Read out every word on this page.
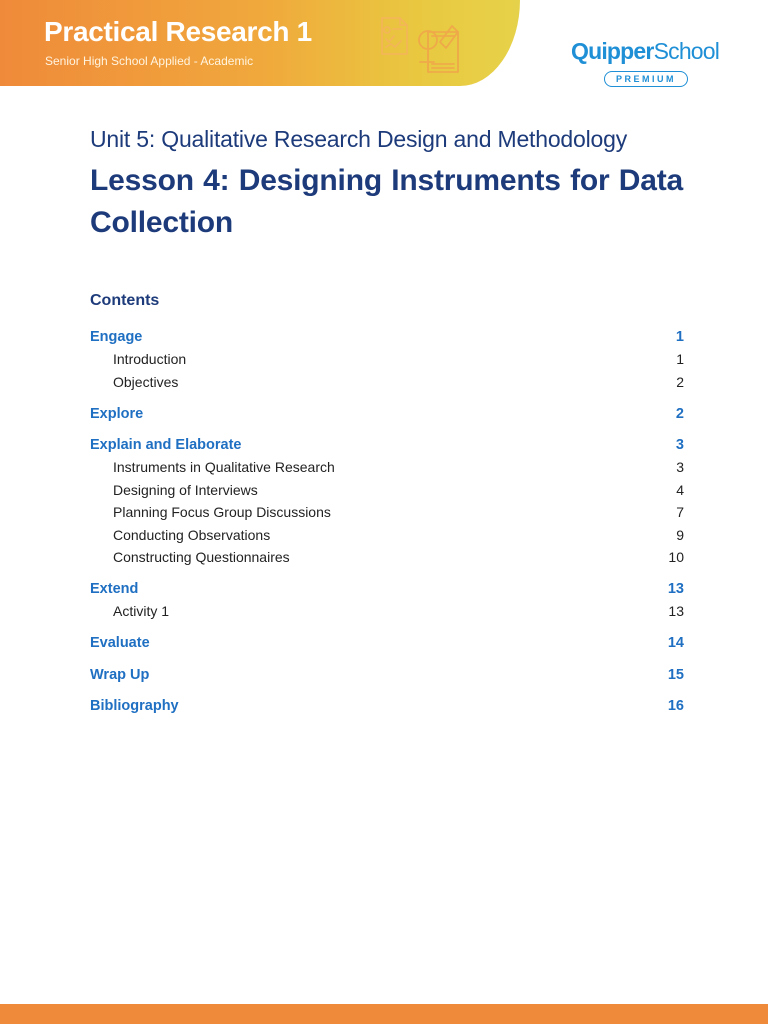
Practical Research 1
Senior High School Applied - Academic	QuipperSchool
PREMIUM
Unit 5: Qualitative Research Design and Methodology
Lesson 4: Designing Instruments for Data Collection
Contents
Engage	1
Introduction	1
Objectives	2
Explore	2
Explain and Elaborate	3
Instruments in Qualitative Research	3
Designing of Interviews	4
Planning Focus Group Discussions	7
Conducting Observations	9
Constructing Questionnaires	10
Extend	13
Activity 1	13
Evaluate	14
Wrap Up	15
Bibliography	16
